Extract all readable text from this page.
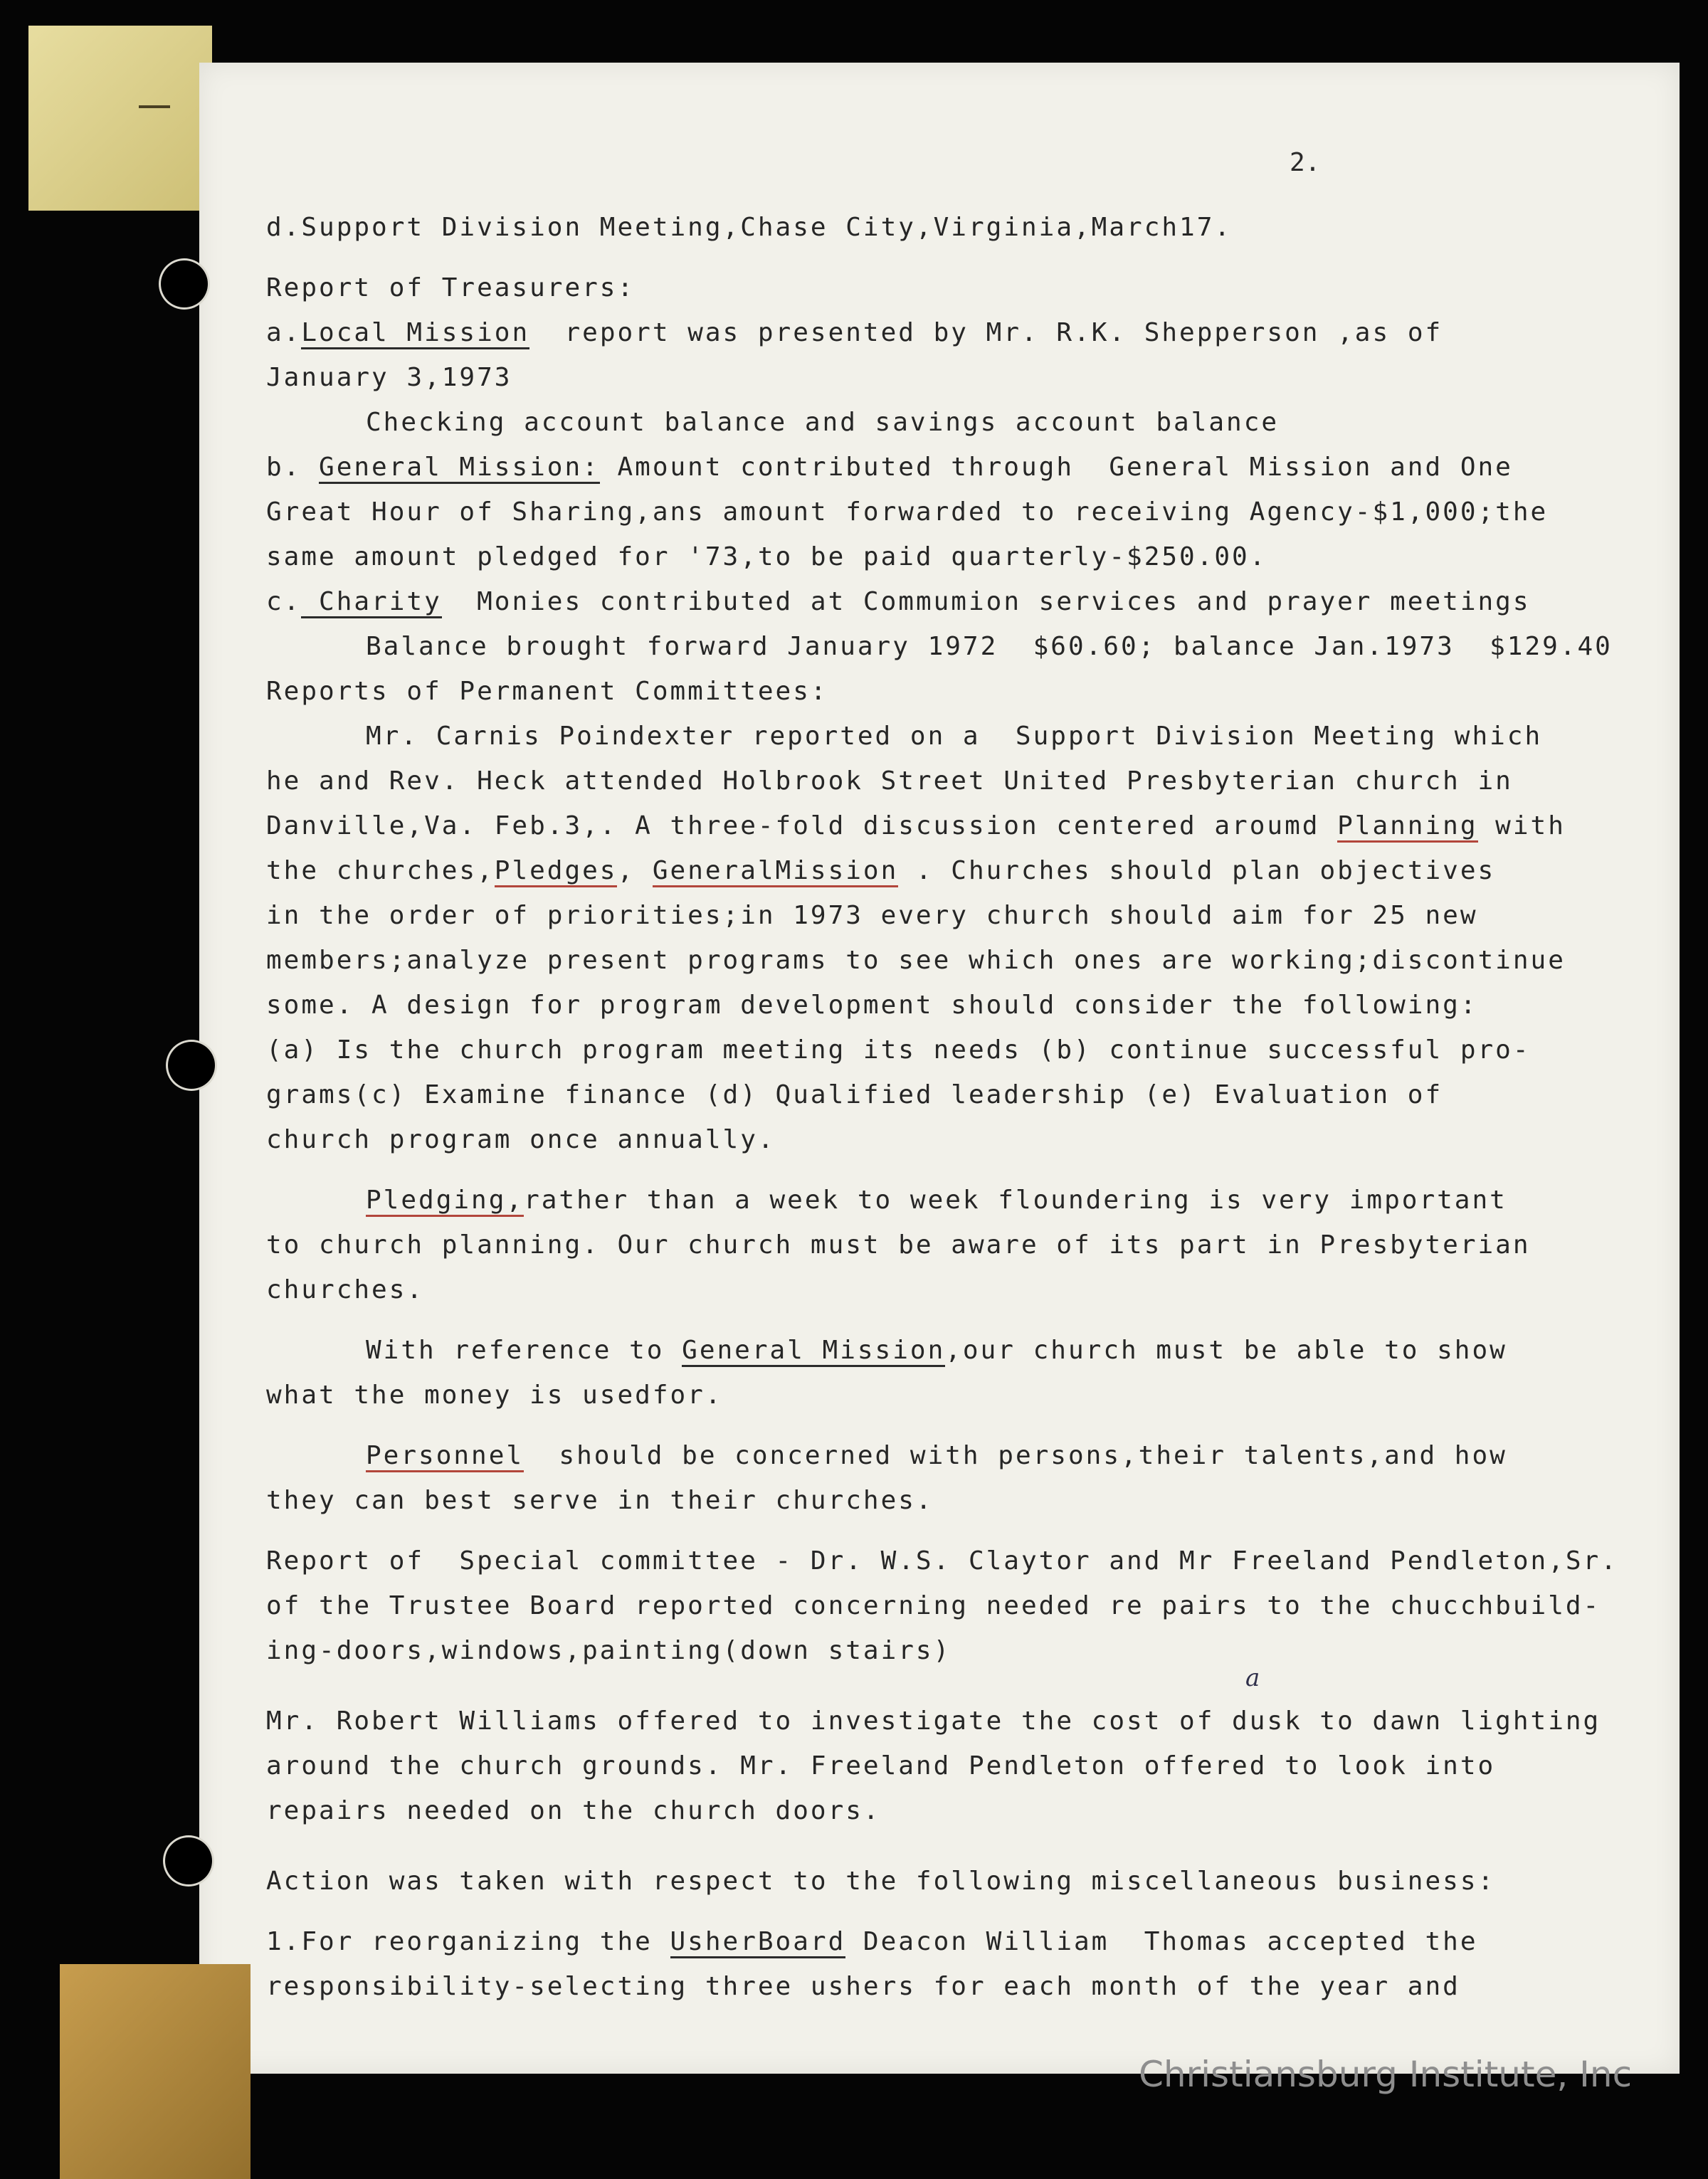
2.
d.Support Division Meeting,Chase City,Virginia,March17.
Report of Treasurers:
a.Local Mission  report was presented by Mr. R.K. Shepperson ,as of
January 3,1973
Checking account balance and savings account balance
b. General Mission: Amount contributed through  General Mission and One
Great Hour of Sharing,ans amount forwarded to receiving Agency-$1,000;the
same amount pledged for '73,to be paid quarterly-$250.00.
c. Charity  Monies contributed at Commumion services and prayer meetings
Balance brought forward January 1972  $60.60; balance Jan.1973  $129.40
Reports of Permanent Committees:
Mr. Carnis Poindexter reported on a  Support Division Meeting which
he and Rev. Heck attended Holbrook Street United Presbyterian church in
Danville,Va. Feb.3,. A three-fold discussion centered aroumd Planning with
the churches,Pledges, GeneralMission . Churches should plan objectives
in the order of priorities;in 1973 every church should aim for 25 new
members;analyze present programs to see which ones are working;discontinue
some. A design for program development should consider the following:
(a) Is the church program meeting its needs (b) continue successful pro-
grams(c) Examine finance (d) Qualified leadership (e) Evaluation of
church program once annually.
Pledging,rather than a week to week floundering is very important
to church planning. Our church must be aware of its part in Presbyterian
churches.
With reference to General Mission,our church must be able to show
what the money is usedfor.
Personnel  should be concerned with persons,their talents,and how
they can best serve in their churches.
Report of  Special committee - Dr. W.S. Claytor and Mr Freeland Pendleton,Sr.
of the Trustee Board reported concerning needed re pairs to the chucchbuild-
ing-doors,windows,painting(down stairs)
Mr. Robert Williams offered to investigate the cost of dusk to dawn lighting
around the church grounds. Mr. Freeland Pendleton offered to look into
repairs needed on the church doors.
Action was taken with respect to the following miscellaneous business:
1.For reorganizing the UsherBoard Deacon William  Thomas accepted the
responsibility-selecting three ushers for each month of the year and
a
Christiansburg Institute, Inc
